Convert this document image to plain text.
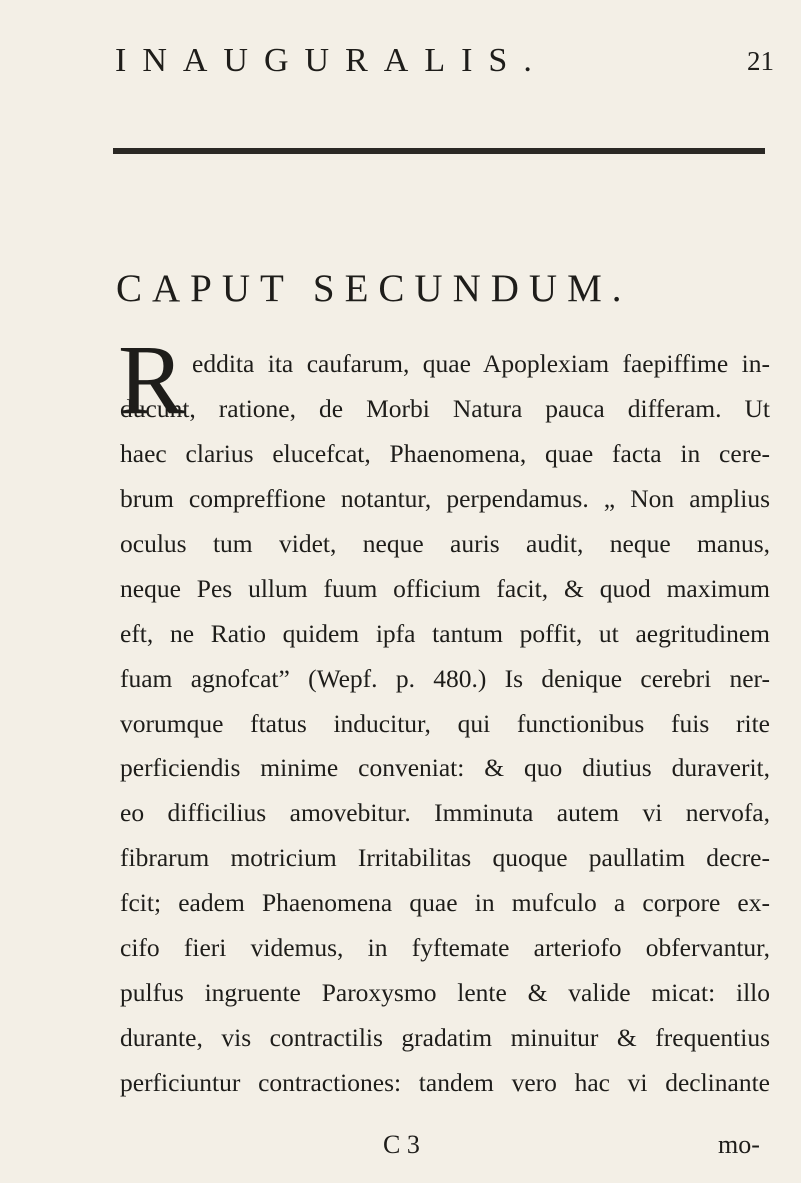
INAUGURALIS.	21
CAPUT SECUNDUM.
R eddita ita caufarum, quae Apoplexiam faepiffime in-
ducunt, ratione, de Morbi Natura pauca differam. Ut
haec clarius elucefcat, Phaenomena, quae facta in cere-
brum compreffione notantur, perpendamus. „ Non amplius
oculus tum videt, neque auris audit, neque manus,
neque Pes ullum fuum officium facit, & quod maximum
eft, ne Ratio quidem ipfa tantum poffit, ut aegritudinem
fuam agnofcat” (Wepf. p. 480.) Is denique cerebri ner-
vorumque ftatus inducitur, qui functionibus fuis rite
perficiendis minime conveniat: & quo diutius duraverit,
eo difficilius amovebitur. Imminuta autem vi nervofa,
fibrarum motricium Irritabilitas quoque paullatim decre-
fcit; eadem Phaenomena quae in mufculo a corpore ex-
cifo fieri videmus, in fyftemate arteriofo obfervantur,
pulfus ingruente Paroxysmo lente & valide micat: illo
durante, vis contractilis gradatim minuitur & frequentius
perficiuntur contractiones: tandem vero hac vi declinante
C 3	mo-
